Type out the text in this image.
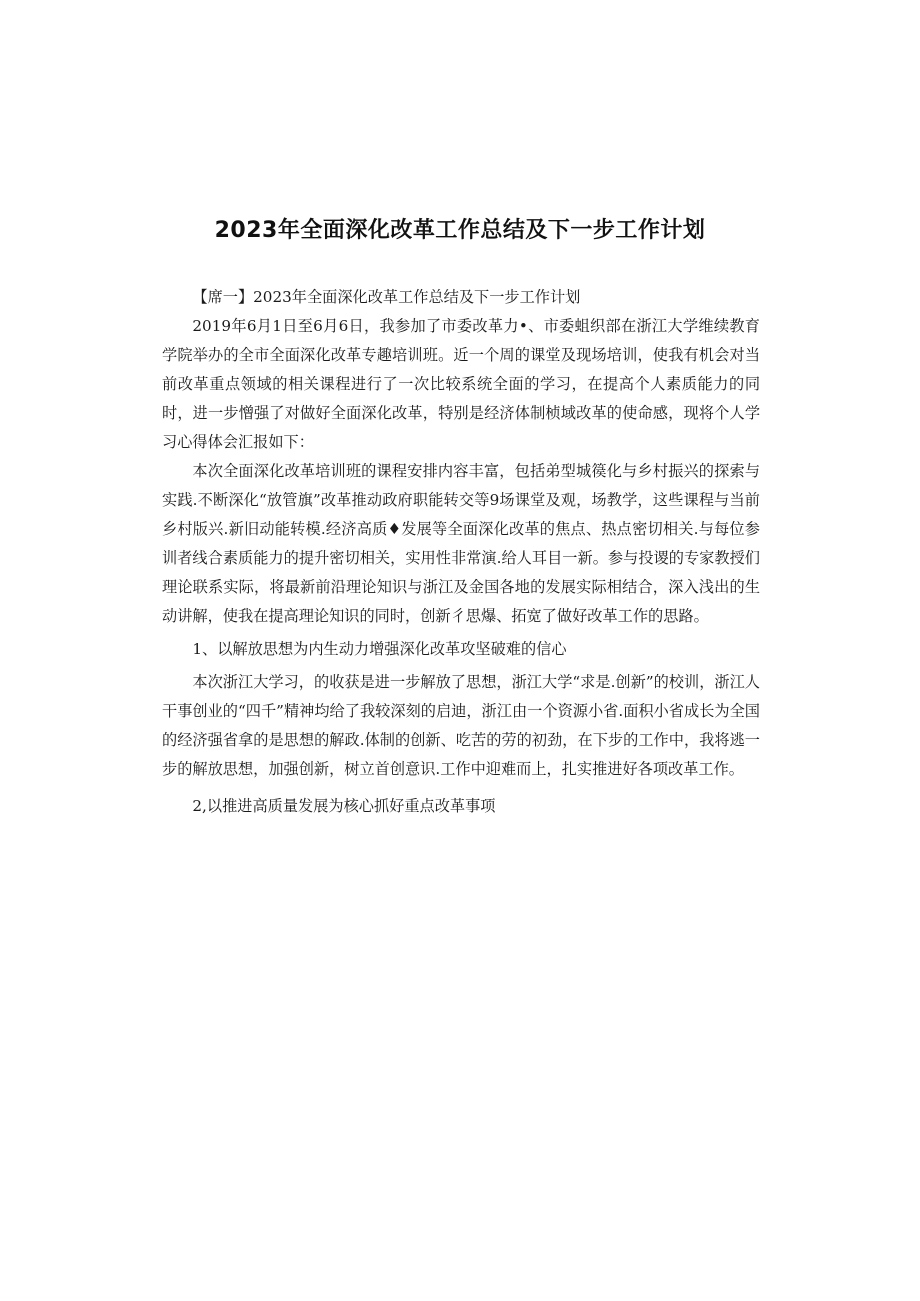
2023年全面深化改革工作总结及下一步工作计划

【席一】2023年全面深化改革工作总结及下一步工作计划

2019年6月1日至6月6日，我参加了市委改革力•、市委蛆织部在浙江大学维续教育学院举办的全市全面深化改革专趣培训班。近一个周的课堂及现场培训，使我有机会对当前改革重点领域的相关课程进行了一次比较系统全面的学习，在提高个人素质能力的同时，进一步憎强了对做好全面深化改革，特别是经济体制桢域改革的使命感，现将个人学习心得体会汇报如下：

本次全面深化改革培训班的课程安排内容丰富，包括弟型城篌化与乡村振兴的探索与实践.不断深化“放管旗”改革推动政府职能转交等9场课堂及观，场教学，这些课程与当前乡村版兴.新旧动能转模.经济高质♦发展等全面深化改革的焦点、热点密切相关.与每位参训者线合素质能力的提升密切相关，实用性非常演.给人耳目一新。参与投谡的专家教授们理论联系实际，将最新前沿理论知识与浙江及金国各地的发展实际相结合，深入浅出的生动讲解，使我在提高理论知识的同时，创新彳思爆、拓宽了做好改革工作的思路。

1、以解放思想为内生动力增强深化改革攻坚破难的信心

本次浙江大学习，的收获是进一步解放了思想，浙江大学“求是.创新”的校训，浙江人干事创业的“四千”精神均给了我较深刻的启迪，浙江由一个资源小省.面积小省成长为全国的经济强省拿的是思想的解政.体制的创新、吃苦的劳的初劲，在下步的工作中，我将逃一步的解放思想，加强创新，树立首创意识.工作中迎难而上，扎实推进好各项改革工作。

2,以推进高质量发展为核心抓好重点改革事项
